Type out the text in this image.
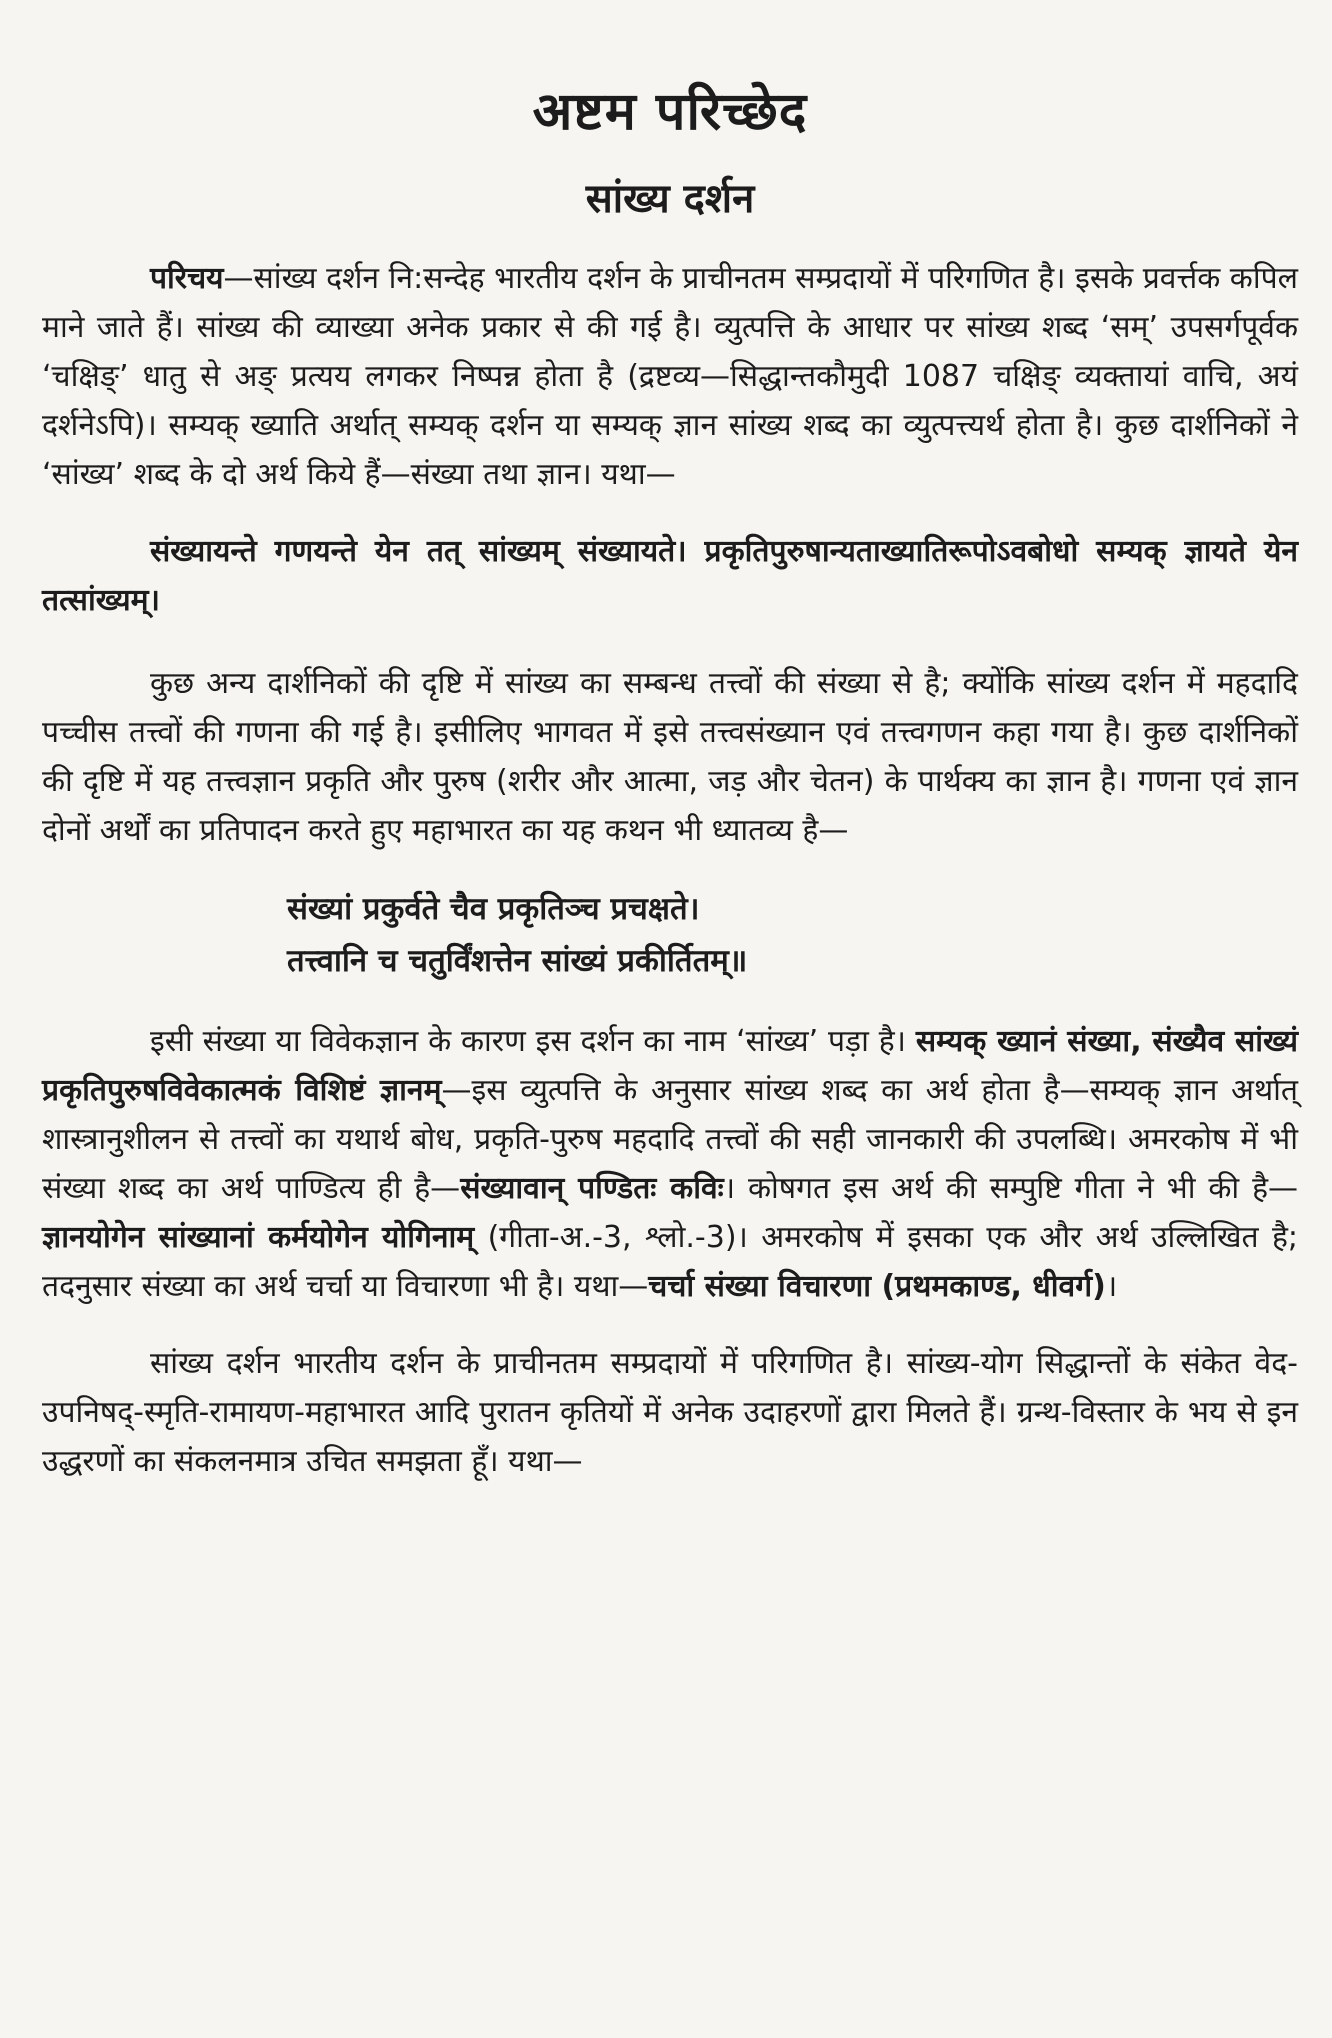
अष्टम परिच्छेद
सांख्य दर्शन

परिचय—सांख्य दर्शन नि:सन्देह भारतीय दर्शन के प्राचीनतम सम्प्रदायों में परिगणित है। इसके प्रवर्त्तक कपिल माने जाते हैं। सांख्य की व्याख्या अनेक प्रकार से की गई है। व्युत्पत्ति के आधार पर सांख्य शब्द ‘सम्’ उपसर्गपूर्वक ‘चक्षिङ्’ धातु से अङ् प्रत्यय लगकर निष्पन्न होता है (द्रष्टव्य—सिद्धान्तकौमुदी 1087 चक्षिङ् व्यक्तायां वाचि, अयं दर्शनेऽपि)। सम्यक् ख्याति अर्थात् सम्यक् दर्शन या सम्यक् ज्ञान सांख्य शब्द का व्युत्पत्त्यर्थ होता है। कुछ दार्शनिकों ने ‘सांख्य’ शब्द के दो अर्थ किये हैं—संख्या तथा ज्ञान। यथा—

संख्यायन्ते गणयन्ते येन तत् सांख्यम् संख्यायते। प्रकृतिपुरुषान्यताख्यातिरूपोऽवबोधो सम्यक् ज्ञायते येन तत्सांख्यम्।

कुछ अन्य दार्शनिकों की दृष्टि में सांख्य का सम्बन्ध तत्त्वों की संख्या से है; क्योंकि सांख्य दर्शन में महदादि पच्चीस तत्त्वों की गणना की गई है। इसीलिए भागवत में इसे तत्त्वसंख्यान एवं तत्त्वगणन कहा गया है। कुछ दार्शनिकों की दृष्टि में यह तत्त्वज्ञान प्रकृति और पुरुष (शरीर और आत्मा, जड़ और चेतन) के पार्थक्य का ज्ञान है। गणना एवं ज्ञान दोनों अर्थों का प्रतिपादन करते हुए महाभारत का यह कथन भी ध्यातव्य है—

संख्यां प्रकुर्वते चैव प्रकृतिञ्च प्रचक्षते।
तत्त्वानि च चतुर्विंशत्तेन सांख्यं प्रकीर्तितम्॥

इसी संख्या या विवेकज्ञान के कारण इस दर्शन का नाम ‘सांख्य’ पड़ा है। सम्यक् ख्यानं संख्या, संख्यैव सांख्यं प्रकृतिपुरुषविवेकात्मकं विशिष्टं ज्ञानम्—इस व्युत्पत्ति के अनुसार सांख्य शब्द का अर्थ होता है—सम्यक् ज्ञान अर्थात् शास्त्रानुशीलन से तत्त्वों का यथार्थ बोध, प्रकृति-पुरुष महदादि तत्त्वों की सही जानकारी की उपलब्धि। अमरकोष में भी संख्या शब्द का अर्थ पाण्डित्य ही है—संख्यावान् पण्डितः कविः। कोषगत इस अर्थ की सम्पुष्टि गीता ने भी की है—ज्ञानयोगेन सांख्यानां कर्मयोगेन योगिनाम् (गीता-अ.-3, श्लो.-3)। अमरकोष में इसका एक और अर्थ उल्लिखित है; तदनुसार संख्या का अर्थ चर्चा या विचारणा भी है। यथा—चर्चा संख्या विचारणा (प्रथमकाण्ड, धीवर्ग)।

सांख्य दर्शन भारतीय दर्शन के प्राचीनतम सम्प्रदायों में परिगणित है। सांख्य-योग सिद्धान्तों के संकेत वेद-उपनिषद्-स्मृति-रामायण-महाभारत आदि पुरातन कृतियों में अनेक उदाहरणों द्वारा मिलते हैं। ग्रन्थ-विस्तार के भय से इन उद्धरणों का संकलनमात्र उचित समझता हूँ। यथा—
